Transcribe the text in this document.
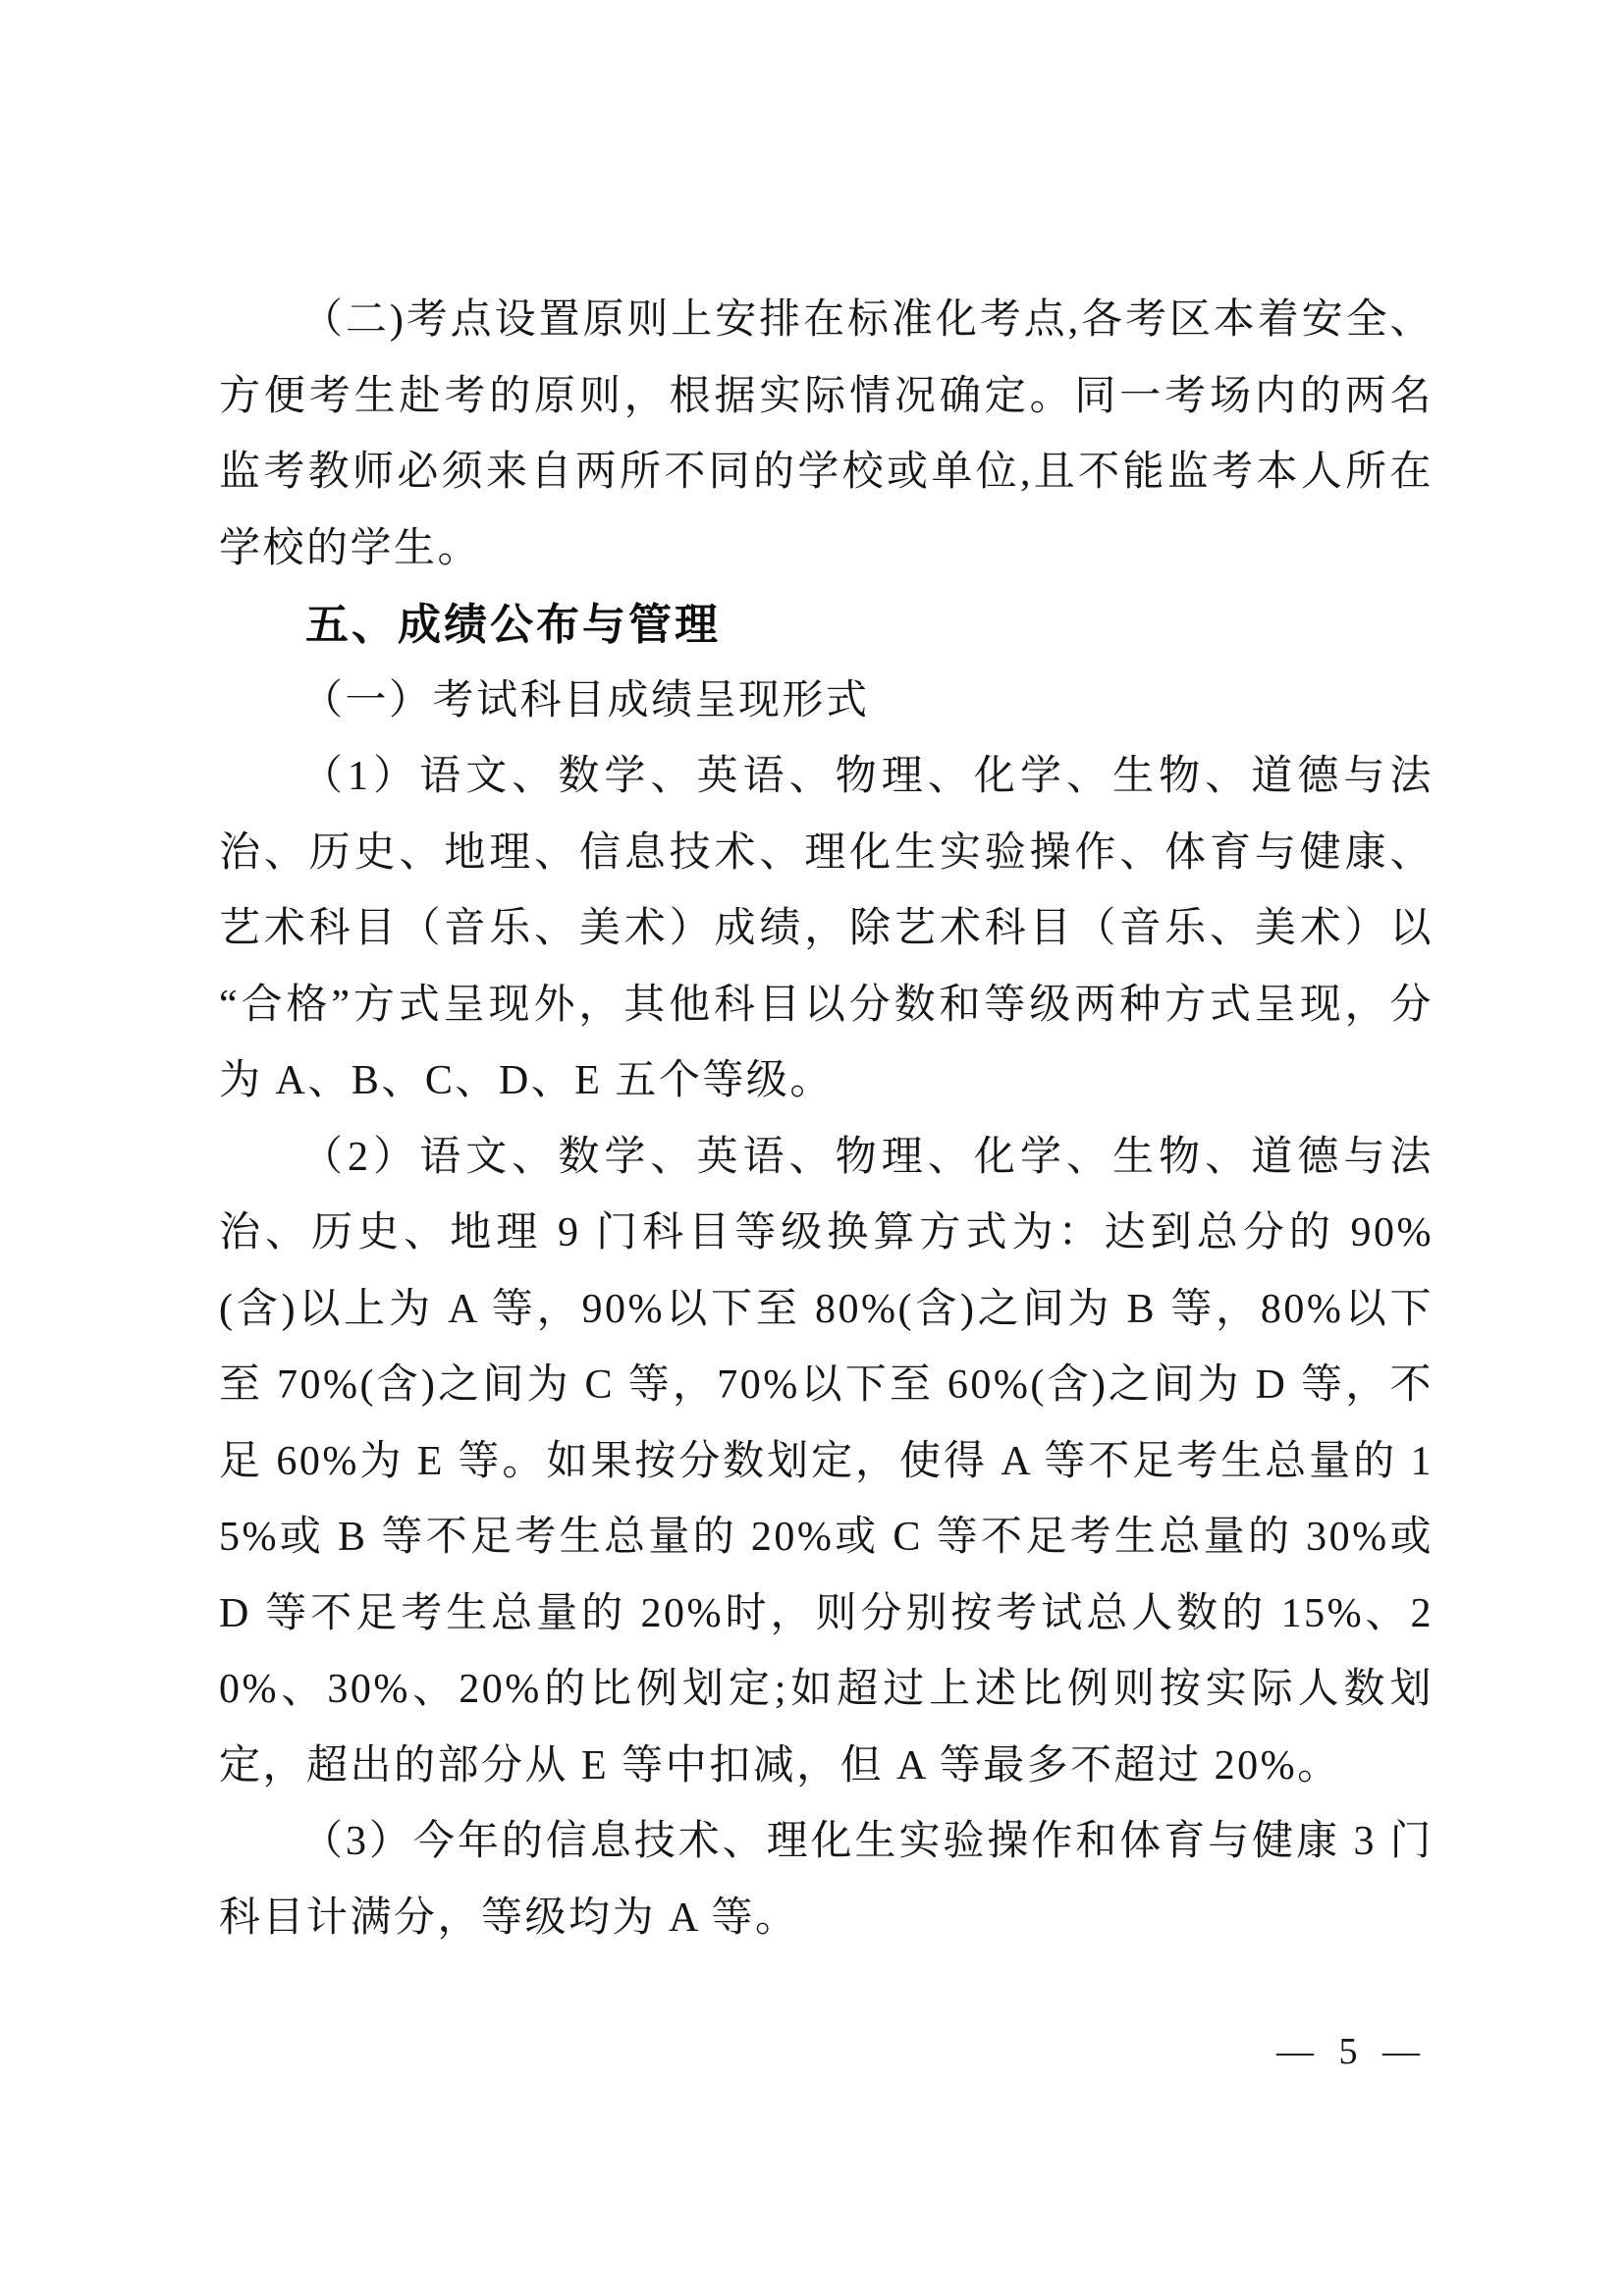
（二)考点设置原则上安排在标准化考点,各考区本着安全、方便考生赴考的原则，根据实际情况确定。同一考场内的两名监考教师必须来自两所不同的学校或单位,且不能监考本人所在学校的学生。

五、成绩公布与管理

（一）考试科目成绩呈现形式

（1）语文、数学、英语、物理、化学、生物、道德与法治、历史、地理、信息技术、理化生实验操作、体育与健康、艺术科目（音乐、美术）成绩，除艺术科目（音乐、美术）以“合格”方式呈现外，其他科目以分数和等级两种方式呈现，分为 A、B、C、D、E 五个等级。

（2）语文、数学、英语、物理、化学、生物、道德与法治、历史、地理 9 门科目等级换算方式为：达到总分的 90%(含)以上为 A 等，90%以下至 80%(含)之间为 B 等，80%以下至 70%(含)之间为 C 等，70%以下至 60%(含)之间为 D 等，不足 60%为 E 等。如果按分数划定，使得 A 等不足考生总量的 15%或 B 等不足考生总量的 20%或 C 等不足考生总量的 30%或 D 等不足考生总量的 20%时，则分别按考试总人数的 15%、20%、30%、20%的比例划定;如超过上述比例则按实际人数划定，超出的部分从 E 等中扣减，但 A 等最多不超过 20%。

（3）今年的信息技术、理化生实验操作和体育与健康 3 门科目计满分，等级均为 A 等。

— 5 —
